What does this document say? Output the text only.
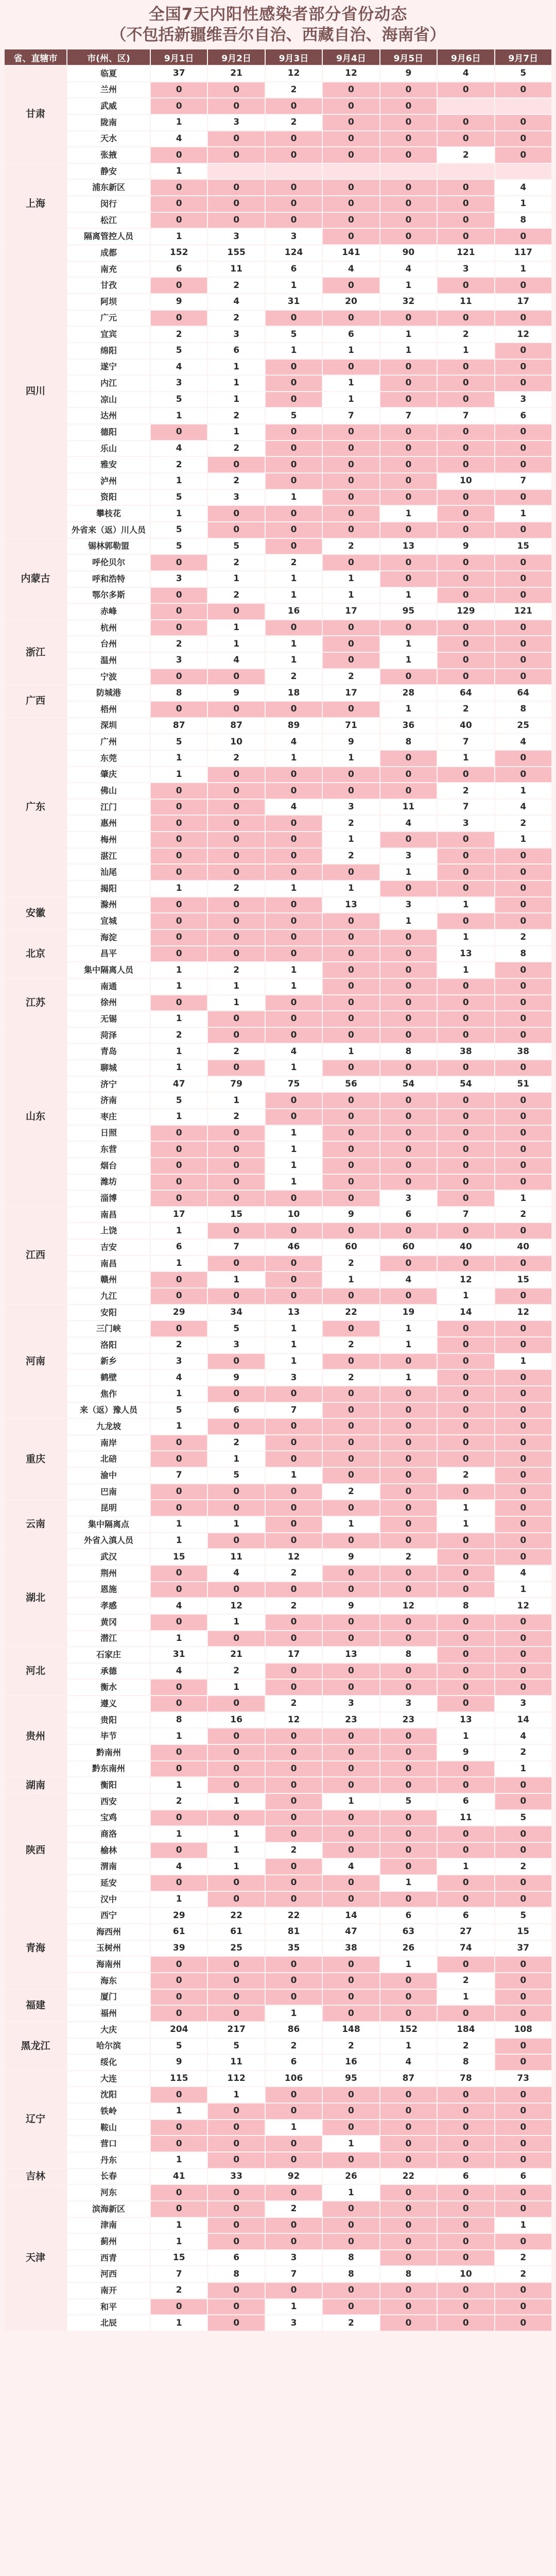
全国7天内阳性感染者部分省份动态
（不包括新疆维吾尔自治、西藏自治、海南省）
省、直辖市	市(州、区)	9月1日	9月2日	9月3日	9月4日	9月5日	9月6日	9月7日
甘肃	临夏	37	21	12	12	9	4	5
	兰州	0	0	2	0	0	0	0
	武威	0	0	0	0	0		
	陇南	1	3	2	0	0	0	0
	天水	4	0	0	0	0	0	0
	张掖	0	0	0	0	0	2	0
上海	静安	1						
	浦东新区	0	0	0	0	0	0	4
	闵行	0	0	0	0	0	0	1
	松江	0	0	0	0	0	0	8
	隔离管控人员	1	3	3	0	0	0	0
四川	成都	152	155	124	141	90	121	117
	南充	6	11	6	4	4	3	1
	甘孜	0	2	1	0	1	0	0
	阿坝	9	4	31	20	32	11	17
	广元	0	2	0	0	0	0	0
	宜宾	2	3	5	6	1	2	12
	绵阳	5	6	1	1	1	1	0
	遂宁	4	1	0	0	0	0	0
	内江	3	1	0	1	0	0	0
	凉山	5	1	0	1	0	0	3
	达州	1	2	5	7	7	7	6
	德阳	0	1	0	0	0	0	0
	乐山	4	2	0	0	0	0	0
	雅安	2	0	0	0	0	0	0
	泸州	1	2	0	0	0	10	7
	资阳	5	3	1	0	0	0	0
	攀枝花	1	0	0	0	1	0	1
	外省来（返）川人员	5	0	0	0	0	0	0
内蒙古	锡林郭勒盟	5	5	0	2	13	9	15
	呼伦贝尔	0	2	2	0	0	0	0
	呼和浩特	3	1	1	1	0	0	0
	鄂尔多斯	0	2	1	1	1	0	0
	赤峰	0	0	16	17	95	129	121
浙江	杭州	0	1	0	0	0	0	0
	台州	2	1	1	0	1	0	0
	温州	3	4	1	0	1	0	0
	宁波	0	0	2	2	0	0	0
广西	防城港	8	9	18	17	28	64	64
	梧州	0	0	0	0	1	2	8
广东	深圳	87	87	89	71	36	40	25
	广州	5	10	4	9	8	7	4
	东莞	1	2	1	1	0	1	0
	肇庆	1	0	0	0	0	0	0
	佛山	0	0	0	0	0	2	1
	江门	0	0	4	3	11	7	4
	惠州	0	0	0	2	4	3	2
	梅州	0	0	0	1	0	0	1
	湛江	0	0	0	2	3	0	0
	汕尾	0	0	0	0	1	0	0
	揭阳	1	2	1	1	0	0	0
安徽	滁州	0	0	0	13	3	1	0
	宣城	0	0	0	0	1	0	0
北京	海淀	0	0	0	0	0	1	2
	昌平	0	0	0	0	0	13	8
	集中隔离人员	1	2	1	0	0	1	0
江苏	南通	1	1	1	0	0	0	0
	徐州	0	1	0	0	0	0	0
	无锡	1	0	0	0	0	0	0
山东	菏泽	2	0	0	0	0	0	0
	青岛	1	2	4	1	8	38	38
	聊城	1	0	1	0	0	0	0
	济宁	47	79	75	56	54	54	51
	济南	5	1	0	0	0	0	0
	枣庄	1	2	0	0	0	0	0
	日照	0	0	1	0	0	0	0
	东营	0	0	1	0	0	0	0
	烟台	0	0	1	0	0	0	0
	潍坊	0	0	1	0	0	0	0
	淄博	0	0	0	0	3	0	1
江西	南昌	17	15	10	9	6	7	2
	上饶	1	0	0	0	0	0	0
	吉安	6	7	46	60	60	40	40
	南昌	1	0	0	2	0	0	0
	赣州	0	1	0	1	4	12	15
	九江	0	0	0	0	0	1	0
河南	安阳	29	34	13	22	19	14	12
	三门峡	0	5	1	0	1	0	0
	洛阳	2	3	1	2	1	0	0
	新乡	3	0	1	0	0	0	1
	鹤壁	4	9	3	2	1	0	0
	焦作	1	0	0	0	0	0	0
	来（返）豫人员	5	6	7	0	0	0	0
重庆	九龙坡	1	0	0	0	0	0	0
	南岸	0	2	0	0	0	0	0
	北碚	0	1	0	0	0	0	0
	渝中	7	5	1	0	0	2	0
	巴南	0	0	0	2	0	0	0
云南	昆明	0	0	0	0	0	1	0
	集中隔离点	1	1	0	1	0	1	0
	外省入滇人员	1	0	0	0	0	0	0
湖北	武汉	15	11	12	9	2	0	0
	荆州	0	4	2	0	0	0	4
	恩施	0	0	0	0	0	0	1
	孝感	4	12	2	9	12	8	12
	黄冈	0	1	0	0	0	0	0
	潜江	1	0	0	0	0	0	0
河北	石家庄	31	21	17	13	8	0	0
	承德	4	2	0	0	0	0	0
	衡水	0	1	0	0	0	0	0
贵州	遵义	0	0	2	3	3	0	3
	贵阳	8	16	12	23	23	13	14
	毕节	1	0	0	0	0	1	4
	黔南州	0	0	0	0	0	9	2
	黔东南州	0	0	0	0	0	0	1
湖南	衡阳	1	0	0	0	0	0	0
陕西	西安	2	1	0	1	5	6	0
	宝鸡	0	0	0	0	0	11	5
	商洛	1	1	0	0	0	0	0
	榆林	0	1	2	0	0	0	0
	渭南	4	1	0	4	0	1	2
	延安	0	0	0	0	1	0	0
	汉中	1	0	0	0	0	0	0
青海	西宁	29	22	22	14	6	6	5
	海西州	61	61	81	47	63	27	15
	玉树州	39	25	35	38	26	74	37
	海南州	0	0	0	0	1	0	0
	海东	0	0	0	0	0	2	0
福建	厦门	0	0	0	0	0	1	0
	福州	0	0	1	0	0	0	0
黑龙江	大庆	204	217	86	148	152	184	108
	哈尔滨	5	5	2	2	1	2	0
	绥化	9	11	6	16	4	8	0
辽宁	大连	115	112	106	95	87	78	73
	沈阳	0	1	0	0	0	0	0
	铁岭	1	0	0	0	0	0	0
	鞍山	0	0	1	0	0	0	0
	营口	0	0	0	1	0	0	0
	丹东	1	0	0	0	0	0	0
吉林	长春	41	33	92	26	22	6	6
天津	河东	0	0	0	1	0	0	0
	滨海新区	0	0	2	0	0	0	0
	津南	1	0	0	0	0	0	1
	蓟州	1	0	0	0	0	0	0
	西青	15	6	3	8	0	0	2
	河西	7	8	7	8	8	10	2
	南开	2	0	0	0	0	0	0
	和平	0	0	1	0	0	0	0
	北辰	1	0	3	2	0	0	0
